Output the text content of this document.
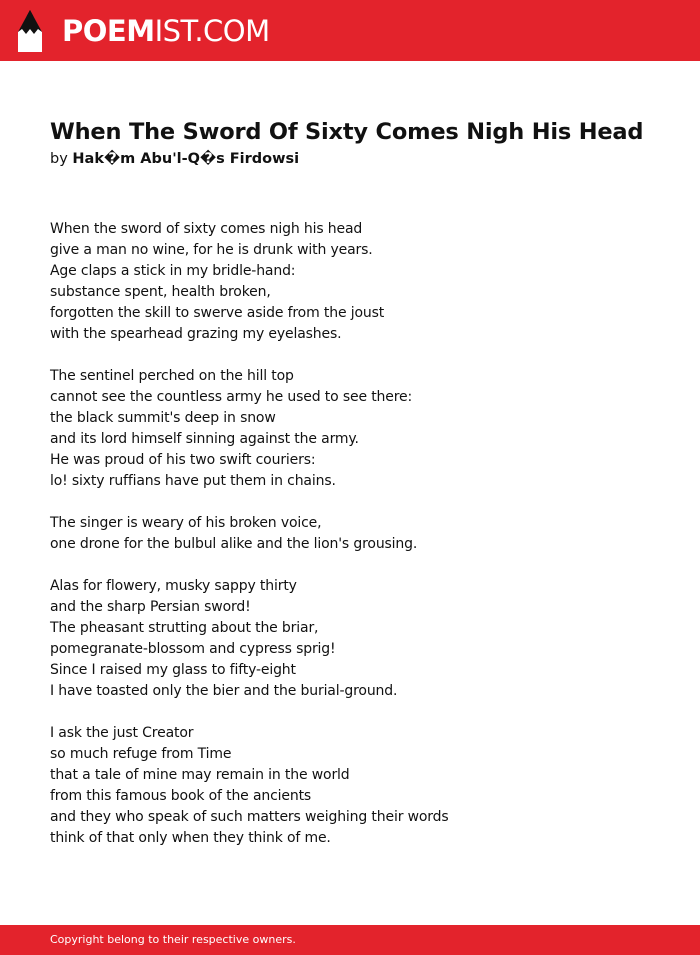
POEMIST.COM
When The Sword Of Sixty Comes Nigh His Head
by Hak�m Abu'l-Q�s Firdowsi
When the sword of sixty comes nigh his head
give a man no wine, for he is drunk with years.
Age claps a stick in my bridle-hand:
substance spent, health broken,
forgotten the skill to swerve aside from the joust
with the spearhead grazing my eyelashes.
The sentinel perched on the hill top
cannot see the countless army he used to see there:
the black summit's deep in snow
and its lord himself sinning against the army.
He was proud of his two swift couriers:
lo! sixty ruffians have put them in chains.
The singer is weary of his broken voice,
one drone for the bulbul alike and the lion's grousing.
Alas for flowery, musky sappy thirty
and the sharp Persian sword!
The pheasant strutting about the briar,
pomegranate-blossom and cypress sprig!
Since I raised my glass to fifty-eight
I have toasted only the bier and the burial-ground.
I ask the just Creator
so much refuge from Time
that a tale of mine may remain in the world
from this famous book of the ancients
and they who speak of such matters weighing their words
think of that only when they think of me.
Copyright belong to their respective owners.
